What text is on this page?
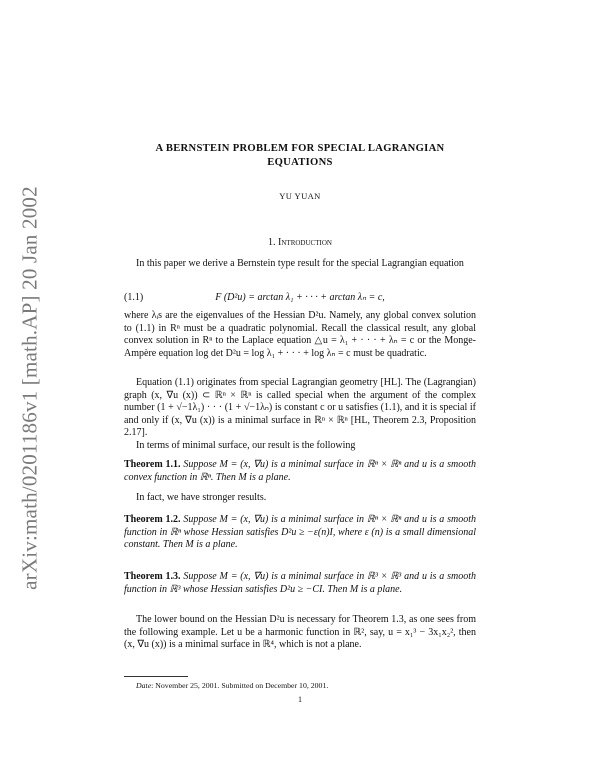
arXiv:math/0201186v1 [math.AP] 20 Jan 2002
A BERNSTEIN PROBLEM FOR SPECIAL LAGRANGIAN
EQUATIONS
YU YUAN
1. Introduction

In this paper we derive a Bernstein type result for the special Lagrangian equation

(1.1)	F (D²u) = arctan λ₁ + · · · + arctan λₙ = c,

where λᵢs are the eigenvalues of the Hessian D²u. Namely, any global convex solution to (1.1) in Rⁿ must be a quadratic polynomial. Recall the classical result, any global convex solution in Rⁿ to the Laplace equation △u = λ₁ + · · · + λₙ = c or the Monge-Ampère equation log det D²u = log λ₁ + · · · + log λₙ = c must be quadratic.

Equation (1.1) originates from special Lagrangian geometry [HL]. The (Lagrangian) graph (x, ∇u (x)) ⊂ ℝⁿ × ℝⁿ is called special when the argument of the complex number (1 + √−1λ₁) · · · (1 + √−1λₙ) is constant c or u satisfies (1.1), and it is special if and only if (x, ∇u (x)) is a minimal surface in ℝⁿ × ℝⁿ [HL, Theorem 2.3, Proposition 2.17].

In terms of minimal surface, our result is the following

Theorem 1.1. Suppose M = (x, ∇u) is a minimal surface in ℝⁿ × ℝⁿ and u is a smooth convex function in ℝⁿ. Then M is a plane.

In fact, we have stronger results.

Theorem 1.2. Suppose M = (x, ∇u) is a minimal surface in ℝⁿ × ℝⁿ and u is a smooth function in ℝⁿ whose Hessian satisfies D²u ≥ −ε(n)I, where ε (n) is a small dimensional constant. Then M is a plane.

Theorem 1.3. Suppose M = (x, ∇u) is a minimal surface in ℝ³ × ℝ³ and u is a smooth function in ℝ³ whose Hessian satisfies D²u ≥ −CI. Then M is a plane.

The lower bound on the Hessian D²u is necessary for Theorem 1.3, as one sees from the following example. Let u be a harmonic function in ℝ², say, u = x₁³ − 3x₁x₂², then (x, ∇u (x)) is a minimal surface in ℝ⁴, which is not a plane.

Date: November 25, 2001. Submitted on December 10, 2001.
1
